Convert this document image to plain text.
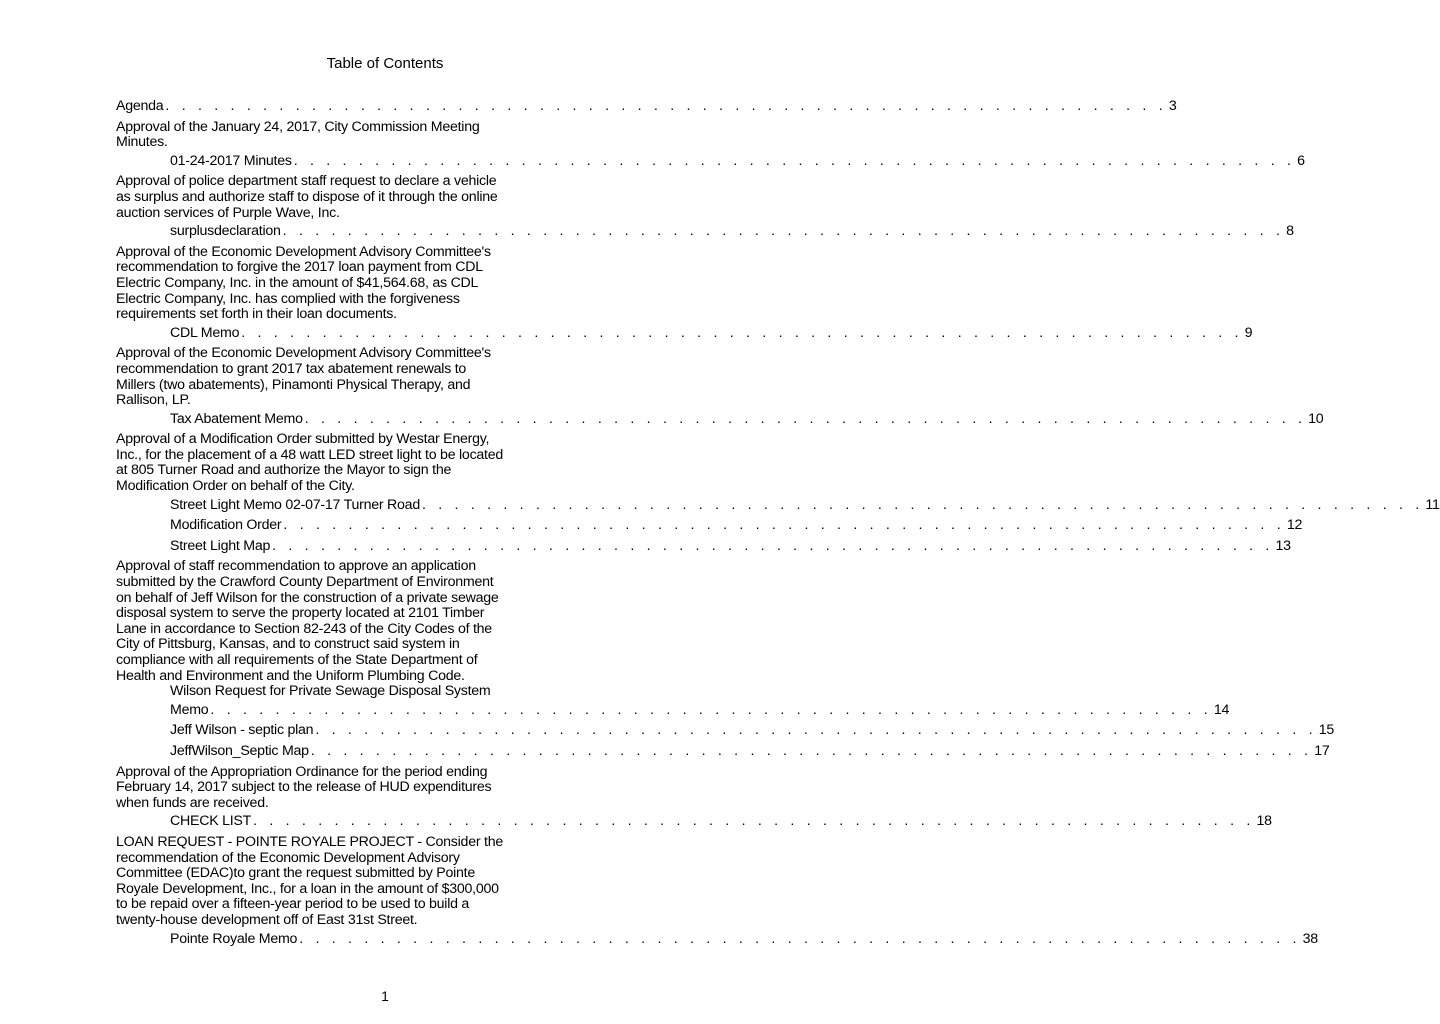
Table of Contents
Agenda . . . . . . . . . . . . . . . . . . . . . . . . . . . . . . . . . . . . . . . . . . . . . . . . . . . . . . . . . . . . . . 3
Approval of the January 24, 2017, City Commission Meeting
Minutes.
01-24-2017 Minutes . . . . . . . . . . . . . . . . . . . . . . . . . . . . . . . . . . . . . . . . . . . . . . . . . . . . . . . . . . . . . . 6
Approval of police department staff request to declare a vehicle
as surplus and authorize staff to dispose of it through the online
auction services of Purple Wave, Inc.
surplusdeclaration . . . . . . . . . . . . . . . . . . . . . . . . . . . . . . . . . . . . . . . . . . . . . . . . . . . . . . . . . . . . . . 8
Approval of the Economic Development Advisory Committee's
recommendation to forgive the 2017 loan payment from CDL
Electric Company, Inc. in the amount of $41,564.68, as CDL
Electric Company, Inc. has complied with the forgiveness
requirements set forth in their loan documents.
CDL Memo . . . . . . . . . . . . . . . . . . . . . . . . . . . . . . . . . . . . . . . . . . . . . . . . . . . . . . . . . . . . . . 9
Approval of the Economic Development Advisory Committee's
recommendation to grant 2017 tax abatement renewals to
Millers (two abatements), Pinamonti Physical Therapy, and
Rallison, LP.
Tax Abatement Memo . . . . . . . . . . . . . . . . . . . . . . . . . . . . . . . . . . . . . . . . . . . . . . . . . . . . . . . . . . . . . . 10
Approval of a Modification Order submitted by Westar Energy,
Inc., for the placement of a 48 watt LED street light to be located
at 805 Turner Road and authorize the Mayor to sign the
Modification Order on behalf of the City.
Street Light Memo 02-07-17 Turner Road . . . . . . . . . . . . . . . . . . . . . . . . . . . . . . . . . . . . . . . . . . . . . . . . . . . . . . . . . . . . . . 11
Modification Order . . . . . . . . . . . . . . . . . . . . . . . . . . . . . . . . . . . . . . . . . . . . . . . . . . . . . . . . . . . . . . 12
Street Light Map . . . . . . . . . . . . . . . . . . . . . . . . . . . . . . . . . . . . . . . . . . . . . . . . . . . . . . . . . . . . . . 13
Approval of staff recommendation to approve an application
submitted by the Crawford County Department of Environment
on behalf of Jeff Wilson for the construction of a private sewage
disposal system to serve the property located at 2101 Timber
Lane in accordance to Section 82-243 of the City Codes of the
City of Pittsburg, Kansas, and to construct said system in
compliance with all requirements of the State Department of
Health and Environment and the Uniform Plumbing Code.
Wilson Request for Private Sewage Disposal System
Memo . . . . . . . . . . . . . . . . . . . . . . . . . . . . . . . . . . . . . . . . . . . . . . . . . . . . . . . . . . . . . . 14
Jeff Wilson - septic plan . . . . . . . . . . . . . . . . . . . . . . . . . . . . . . . . . . . . . . . . . . . . . . . . . . . . . . . . . . . . . . 15
JeffWilson_Septic Map . . . . . . . . . . . . . . . . . . . . . . . . . . . . . . . . . . . . . . . . . . . . . . . . . . . . . . . . . . . . . . 17
Approval of the Appropriation Ordinance for the period ending
February 14, 2017 subject to the release of HUD expenditures
when funds are received.
CHECK LIST . . . . . . . . . . . . . . . . . . . . . . . . . . . . . . . . . . . . . . . . . . . . . . . . . . . . . . . . . . . . . . 18
LOAN REQUEST - POINTE ROYALE PROJECT - Consider the
recommendation of the Economic Development Advisory
Committee (EDAC)to grant the request submitted by Pointe
Royale Development, Inc., for a loan in the amount of $300,000
to be repaid over a fifteen-year period to be used to build a
twenty-house development off of East 31st Street.
Pointe Royale Memo . . . . . . . . . . . . . . . . . . . . . . . . . . . . . . . . . . . . . . . . . . . . . . . . . . . . . . . . . . . . . . 38
1
